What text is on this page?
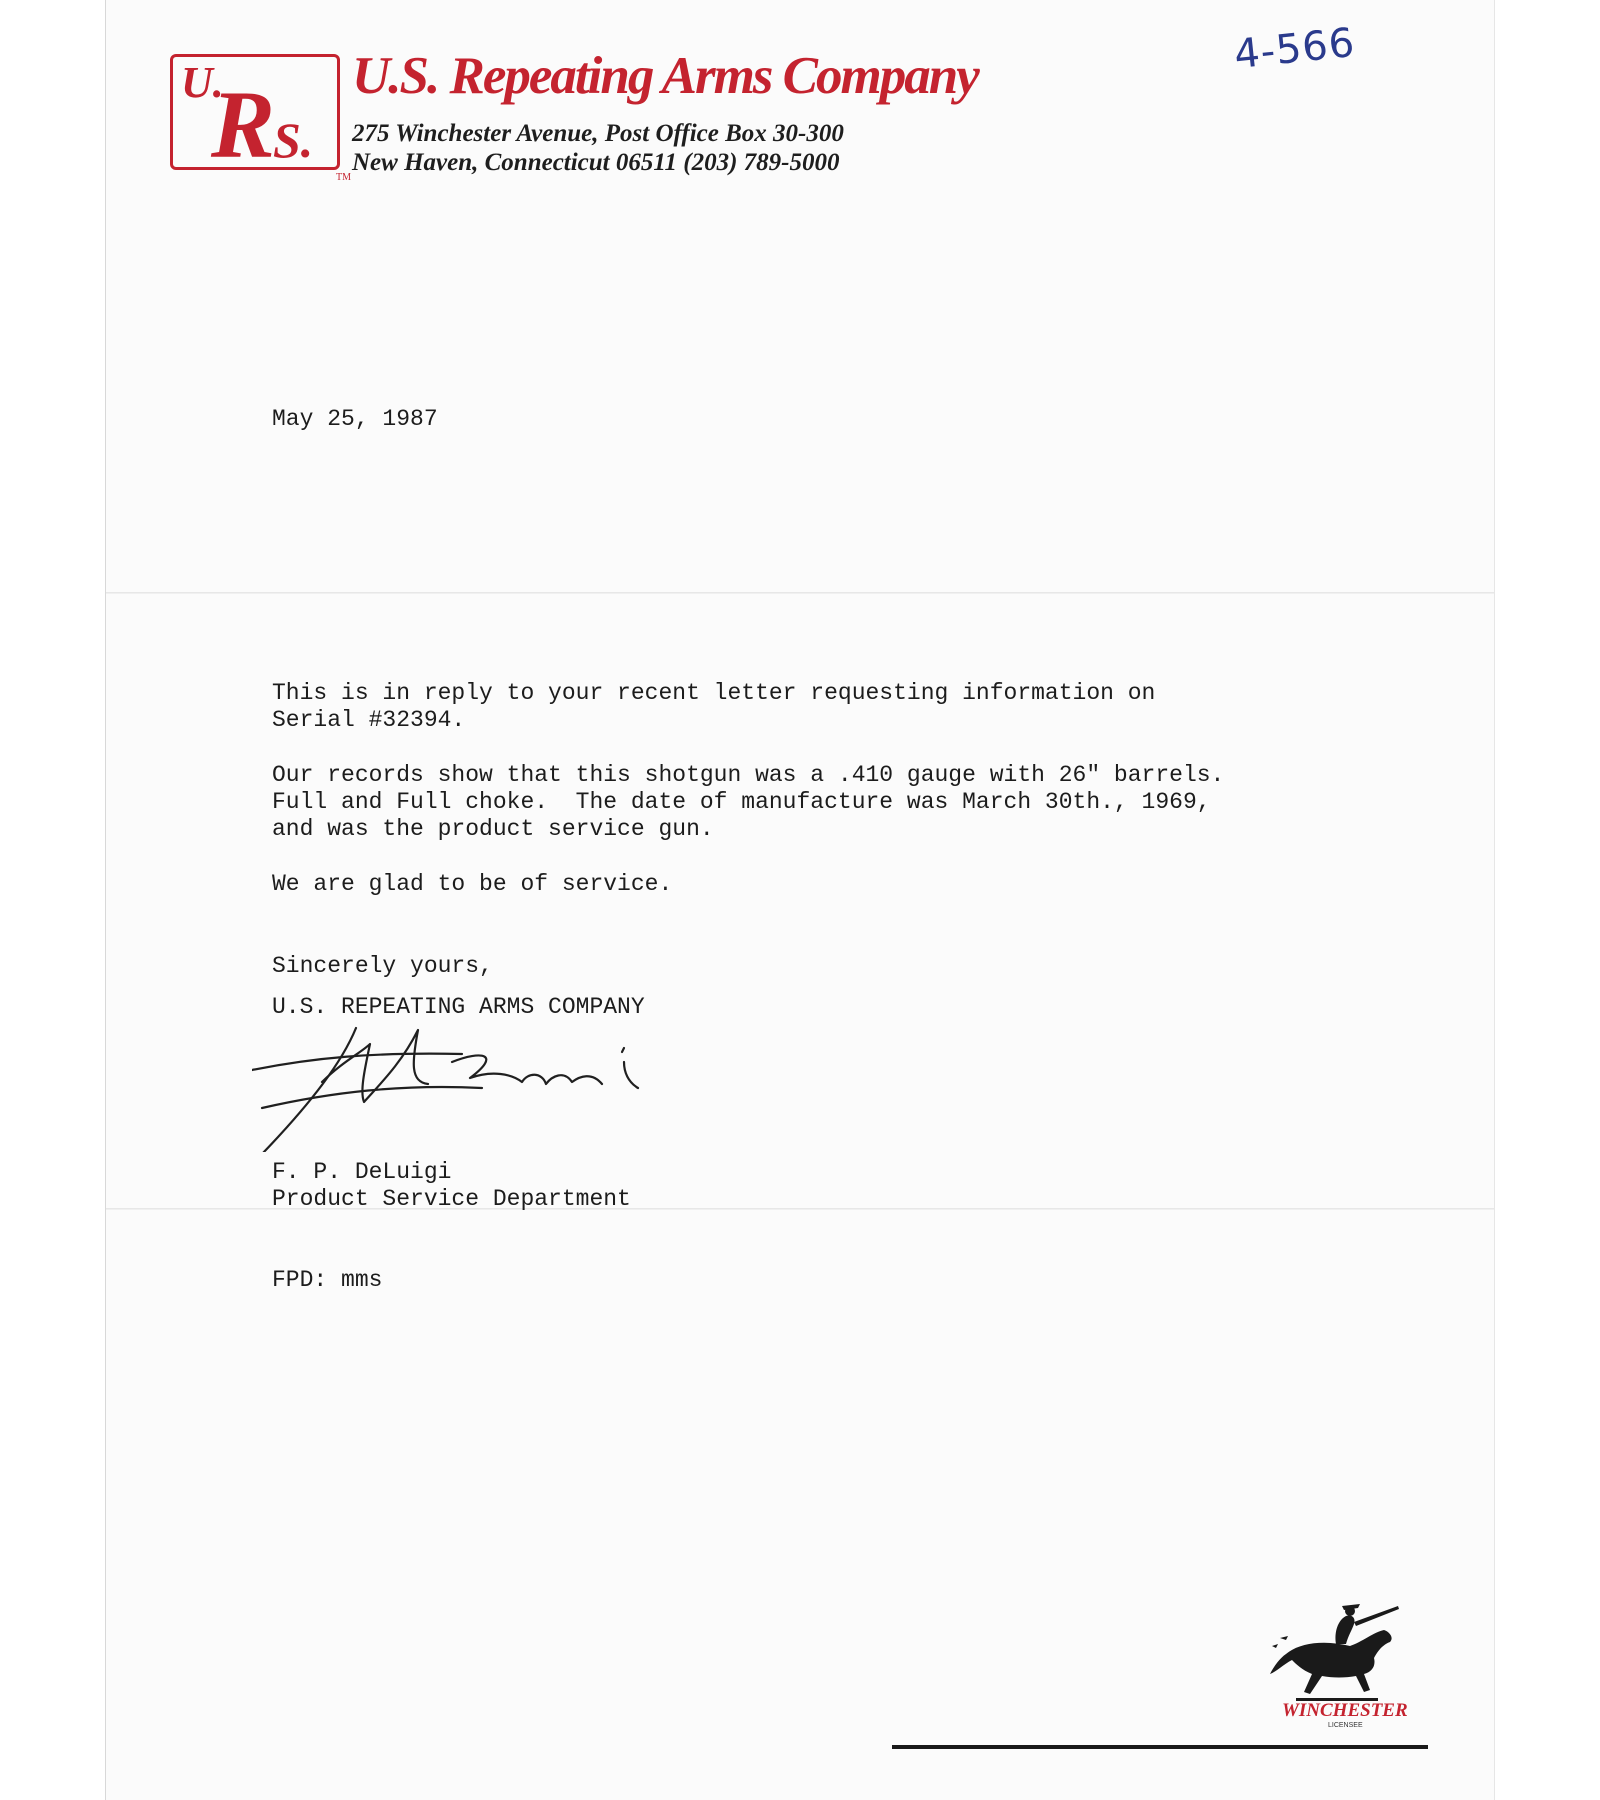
U.
R
S.
TM
U.S. Repeating Arms Company
275 Winchester Avenue, Post Office Box 30-300
New Haven, Connecticut 06511 (203) 789-5000
4-566
May 25, 1987
This is in reply to your recent letter requesting information on
Serial #32394.
Our records show that this shotgun was a .410 gauge with 26" barrels.
Full and Full choke.  The date of manufacture was March 30th., 1969,
and was the product service gun.
We are glad to be of service.
Sincerely yours,
U.S. REPEATING ARMS COMPANY
F. P. DeLuigi
Product Service Department
FPD: mms
WINCHESTER
LICENSEE
